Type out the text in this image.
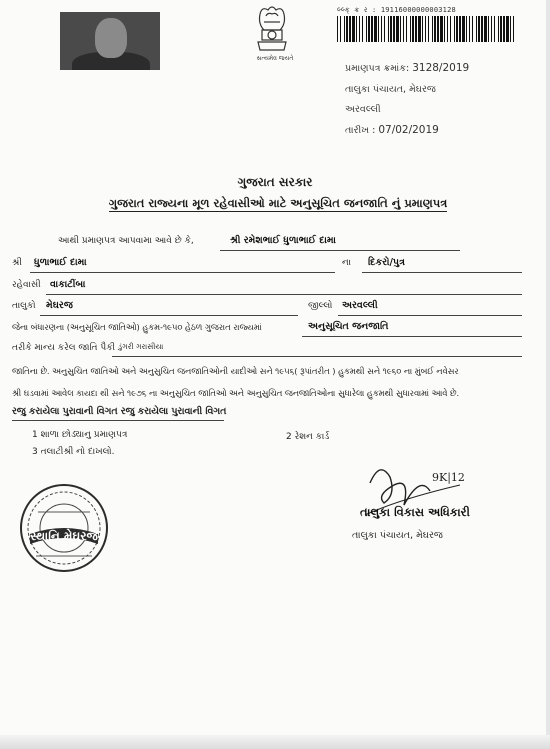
સત્યમેવ જયતે
લ્લ્ક્ ક્ર ર : 19116000000003128
પ્રમાણપત્ર ક્રમાંક: 3128/2019
તાલુકા પંચાયત, મેઘરજ
અરવલ્લી
તારીખ : 07/02/2019
ગુજરાત સરકાર
ગુજરાત રાજ્યના મૂળ રહેવાસીઓ માટે અનુસૂચિત જનજાતિ નું પ્રમાણપત્ર
આથી પ્રમાણપત્ર આપવામા આવે છે કે,	શ્રી રમેશભાઈ ધુળાભાઈ દામા
શ્રી ધુળાભાઈ દામા	ના દિકરો/પુત્ર
રહેવાસી વાકાટીંબા
તાલુકો મેઘરજ	જીલ્લો અરવલ્લી
જેના બંધારણના (અનુસૂચિત જાતિઓ) હુકમ-૧૯૫૦ હેઠળ ગુજરાત રાજ્યમાં	અનુસૂચિત જનજાતિ
તરીકે માન્ય કરેલ જાતિ પૈકી ડુંગરી ગરાસીયા
જાતિના છે. અનુસુચિત જાતિઓ અને અનુસુચિત જનજાતિઓની યાદીઓ સને ૧૯૫૬( રૂપાંતરીત ) હુકમથી સને ૧૯૬૦ ના મુંબઈ નવેસર
શ્રી ઘડવામાં આવેલ કાયદા થી સને ૧૯૭૬ ના અનુસુચિત જાતિઓ અને અનુસુચિત જનજાતિઓના સુધારેલા હુકમથી સુધારવામાં આવે છે.
રજુ કરાયેલા પુરાવાની વિગત રજુ કરાયેલા પુરાવાની વિગત
1 શાળા છોડ્યાનુ પ્રમાણપત્ર	2 રેશન કાર્ડ
3 તલાટીશ્રી નો દાખલો.
સ્થાનિ મેઘરજ
9K|12
તાલુકા વિકાસ અધિકારી
તાલુકા પંચાયત, મેઘરજ
